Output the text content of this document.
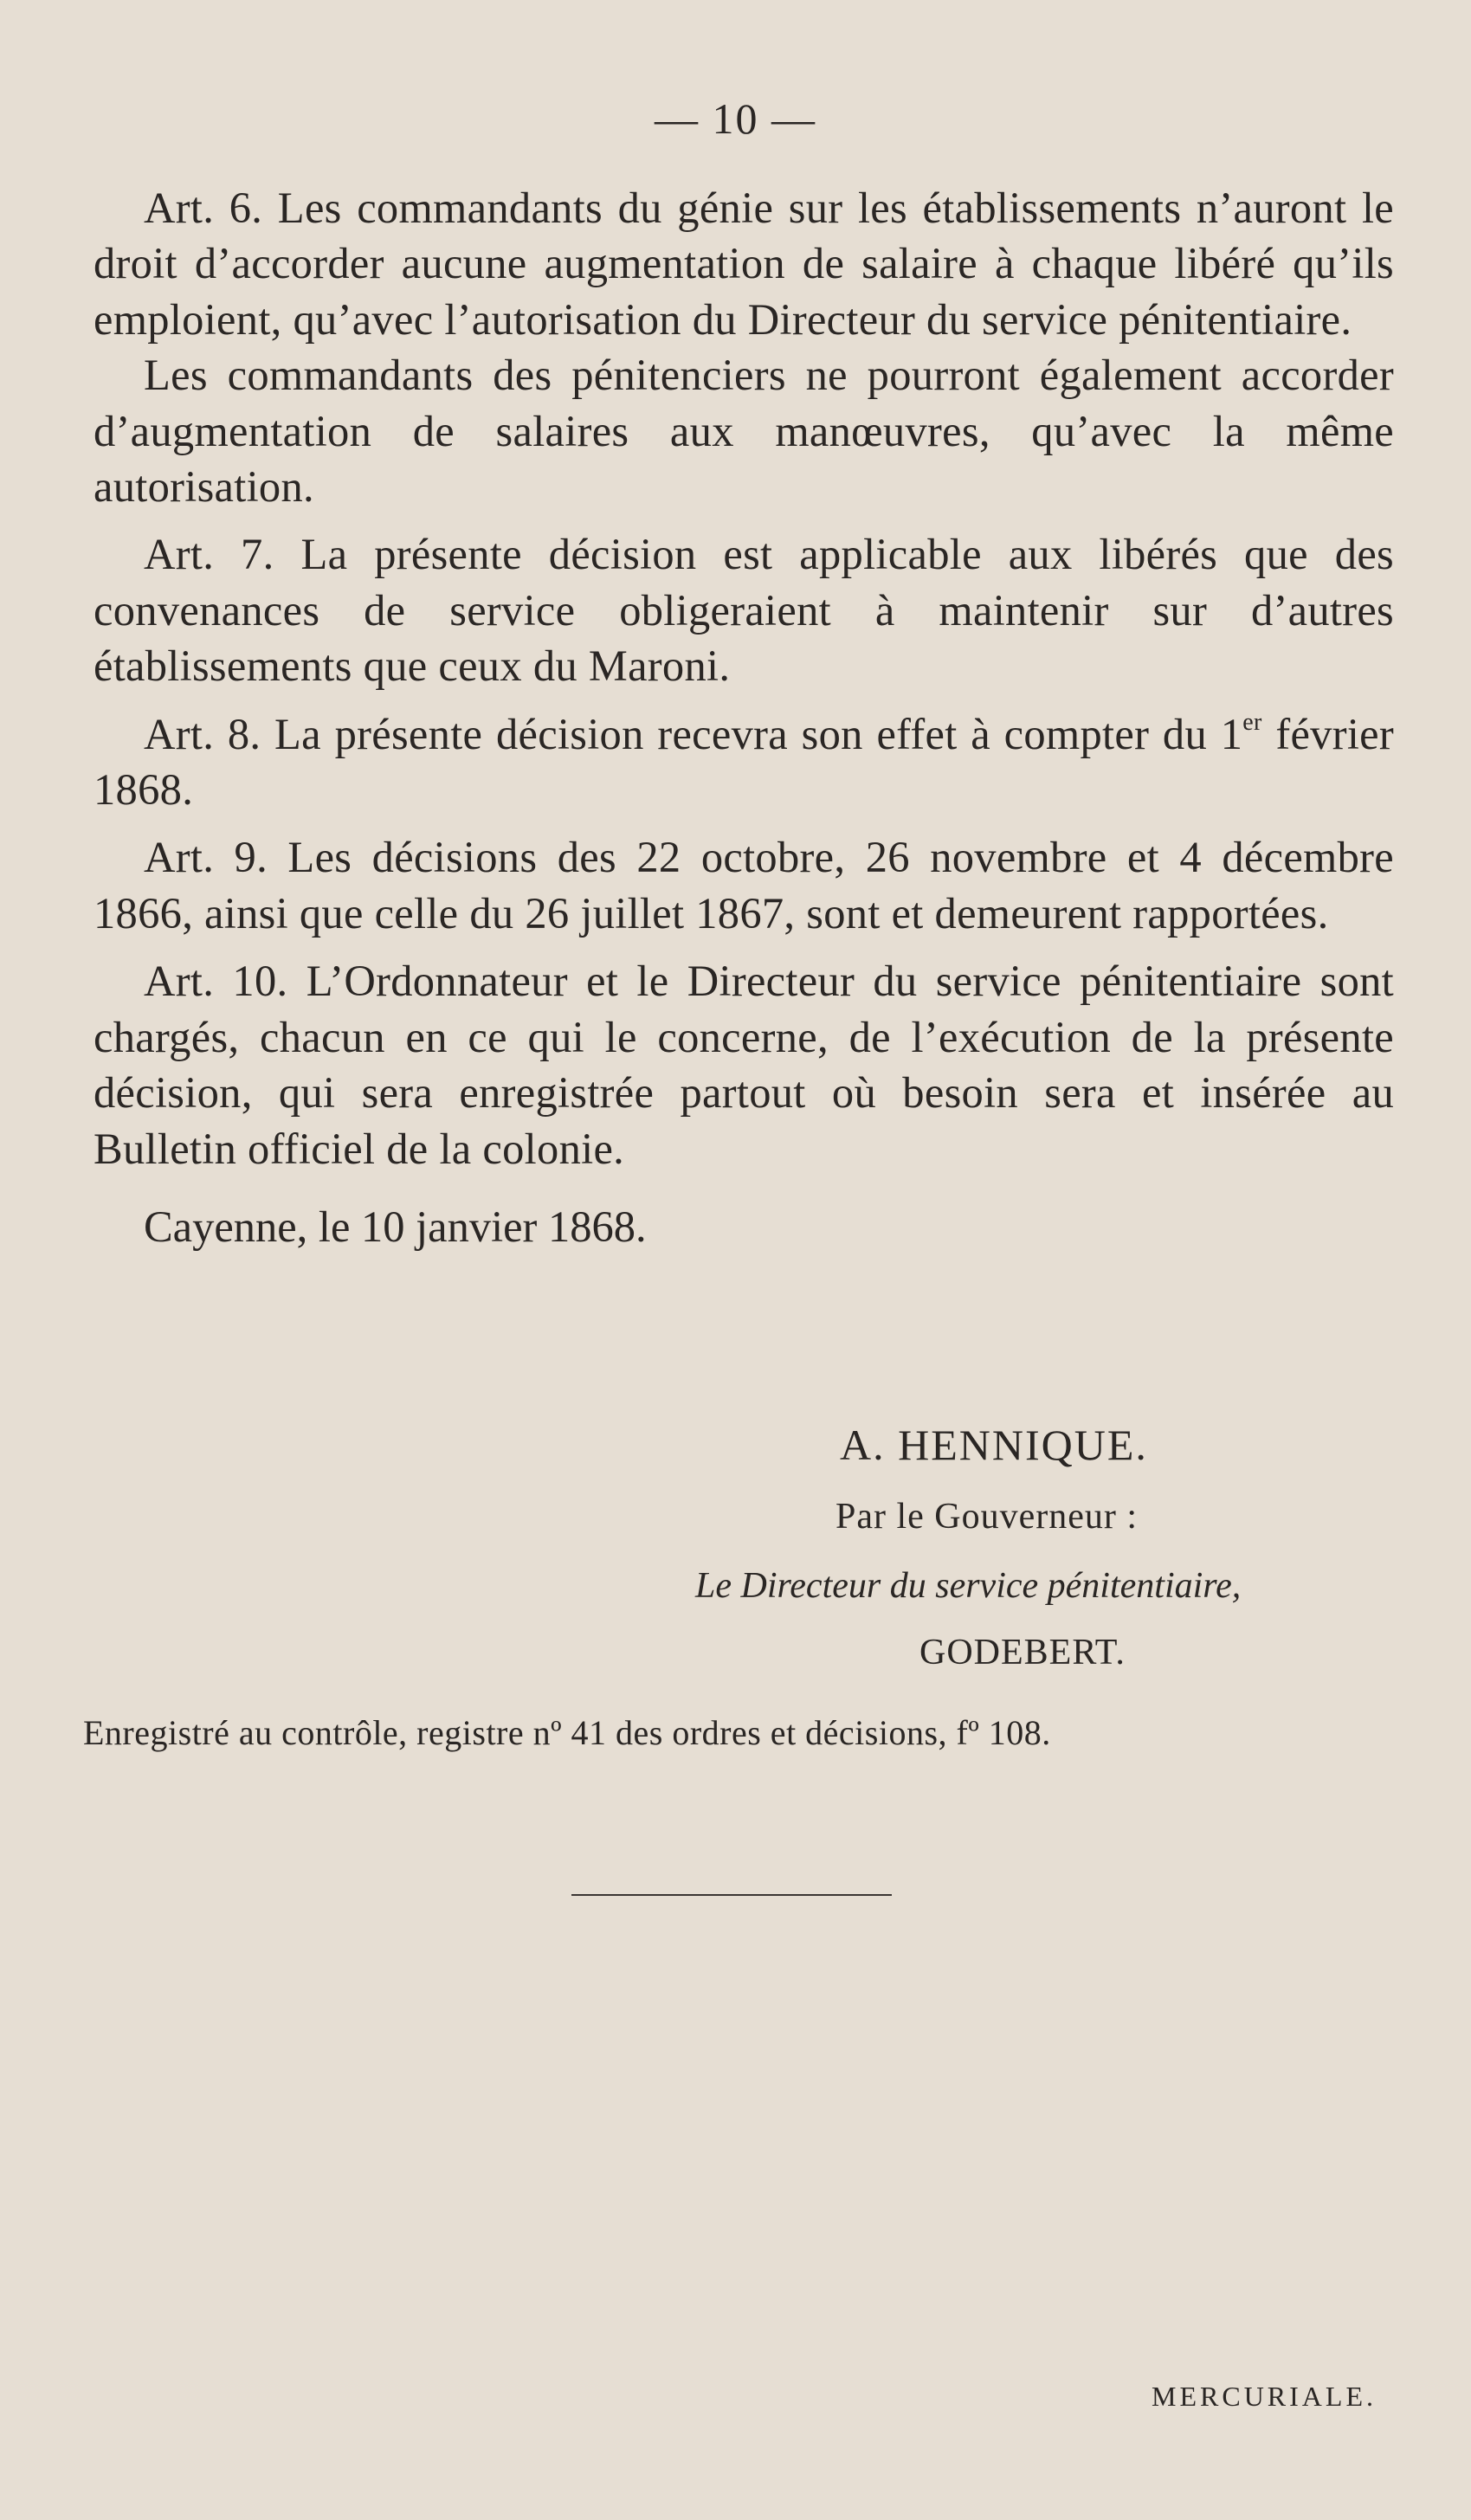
— 10 —

Art. 6. Les commandants du génie sur les établissements n’auront le droit d’accorder aucune augmentation de salaire à chaque libéré qu’ils emploient, qu’avec l’autorisation du Directeur du service pénitentiaire.

Les commandants des pénitenciers ne pourront également accorder d’augmentation de salaires aux manœuvres, qu’avec la même autorisation.

Art. 7. La présente décision est applicable aux libérés que des convenances de service obligeraient à maintenir sur d’autres établissements que ceux du Maroni.

Art. 8. La présente décision recevra son effet à compter du 1er février 1868.

Art. 9. Les décisions des 22 octobre, 26 novembre et 4 décembre 1866, ainsi que celle du 26 juillet 1867, sont et demeurent rapportées.

Art. 10. L’Ordonnateur et le Directeur du service pénitentiaire sont chargés, chacun en ce qui le concerne, de l’exécution de la présente décision, qui sera enregistrée partout où besoin sera et insérée au Bulletin officiel de la colonie.

Cayenne, le 10 janvier 1868.

A. HENNIQUE.
Par le Gouverneur :
Le Directeur du service pénitentiaire,
GODEBERT.
Enregistré au contrôle, registre nº 41 des ordres et décisions, fº 108.
MERCURIALE.
